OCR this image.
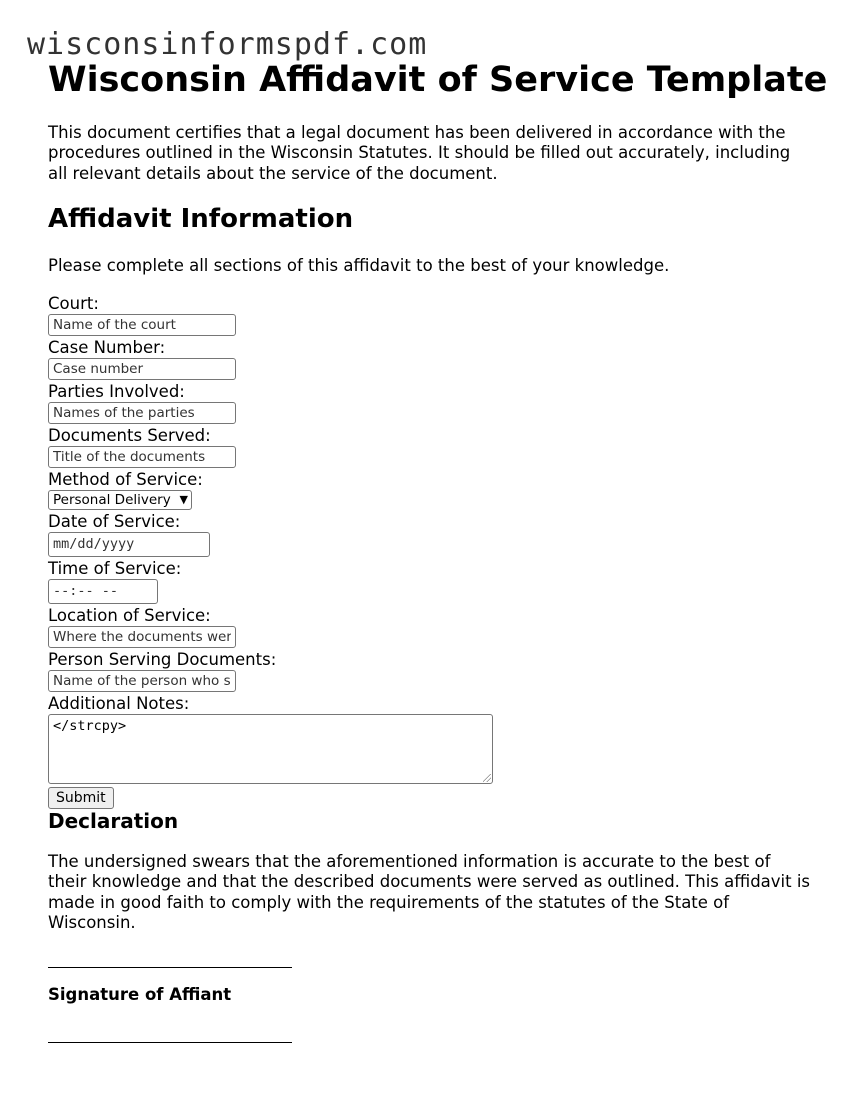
wisconsinformspdf.com
Wisconsin Affidavit of Service Template

This document certifies that a legal document has been delivered in accordance with the procedures outlined in the Wisconsin Statutes. It should be filled out accurately, including all relevant details about the service of the document.

Affidavit Information

Please complete all sections of this affidavit to the best of your knowledge.

Court:
Name of the court
Case Number:
Case number
Parties Involved:
Names of the parties
Documents Served:
Title of the documents
Method of Service:
Personal Delivery ▼
Date of Service:
mm/dd/yyyy
Time of Service:
--:-- --
Location of Service:
Where the documents were served
Person Serving Documents:
Name of the person who served
Additional Notes:
</strcpy>
Submit
Declaration

The undersigned swears that the aforementioned information is accurate to the best of their knowledge and that the described documents were served as outlined. This affidavit is made in good faith to comply with the requirements of the statutes of the State of Wisconsin.

Signature of Affiant
